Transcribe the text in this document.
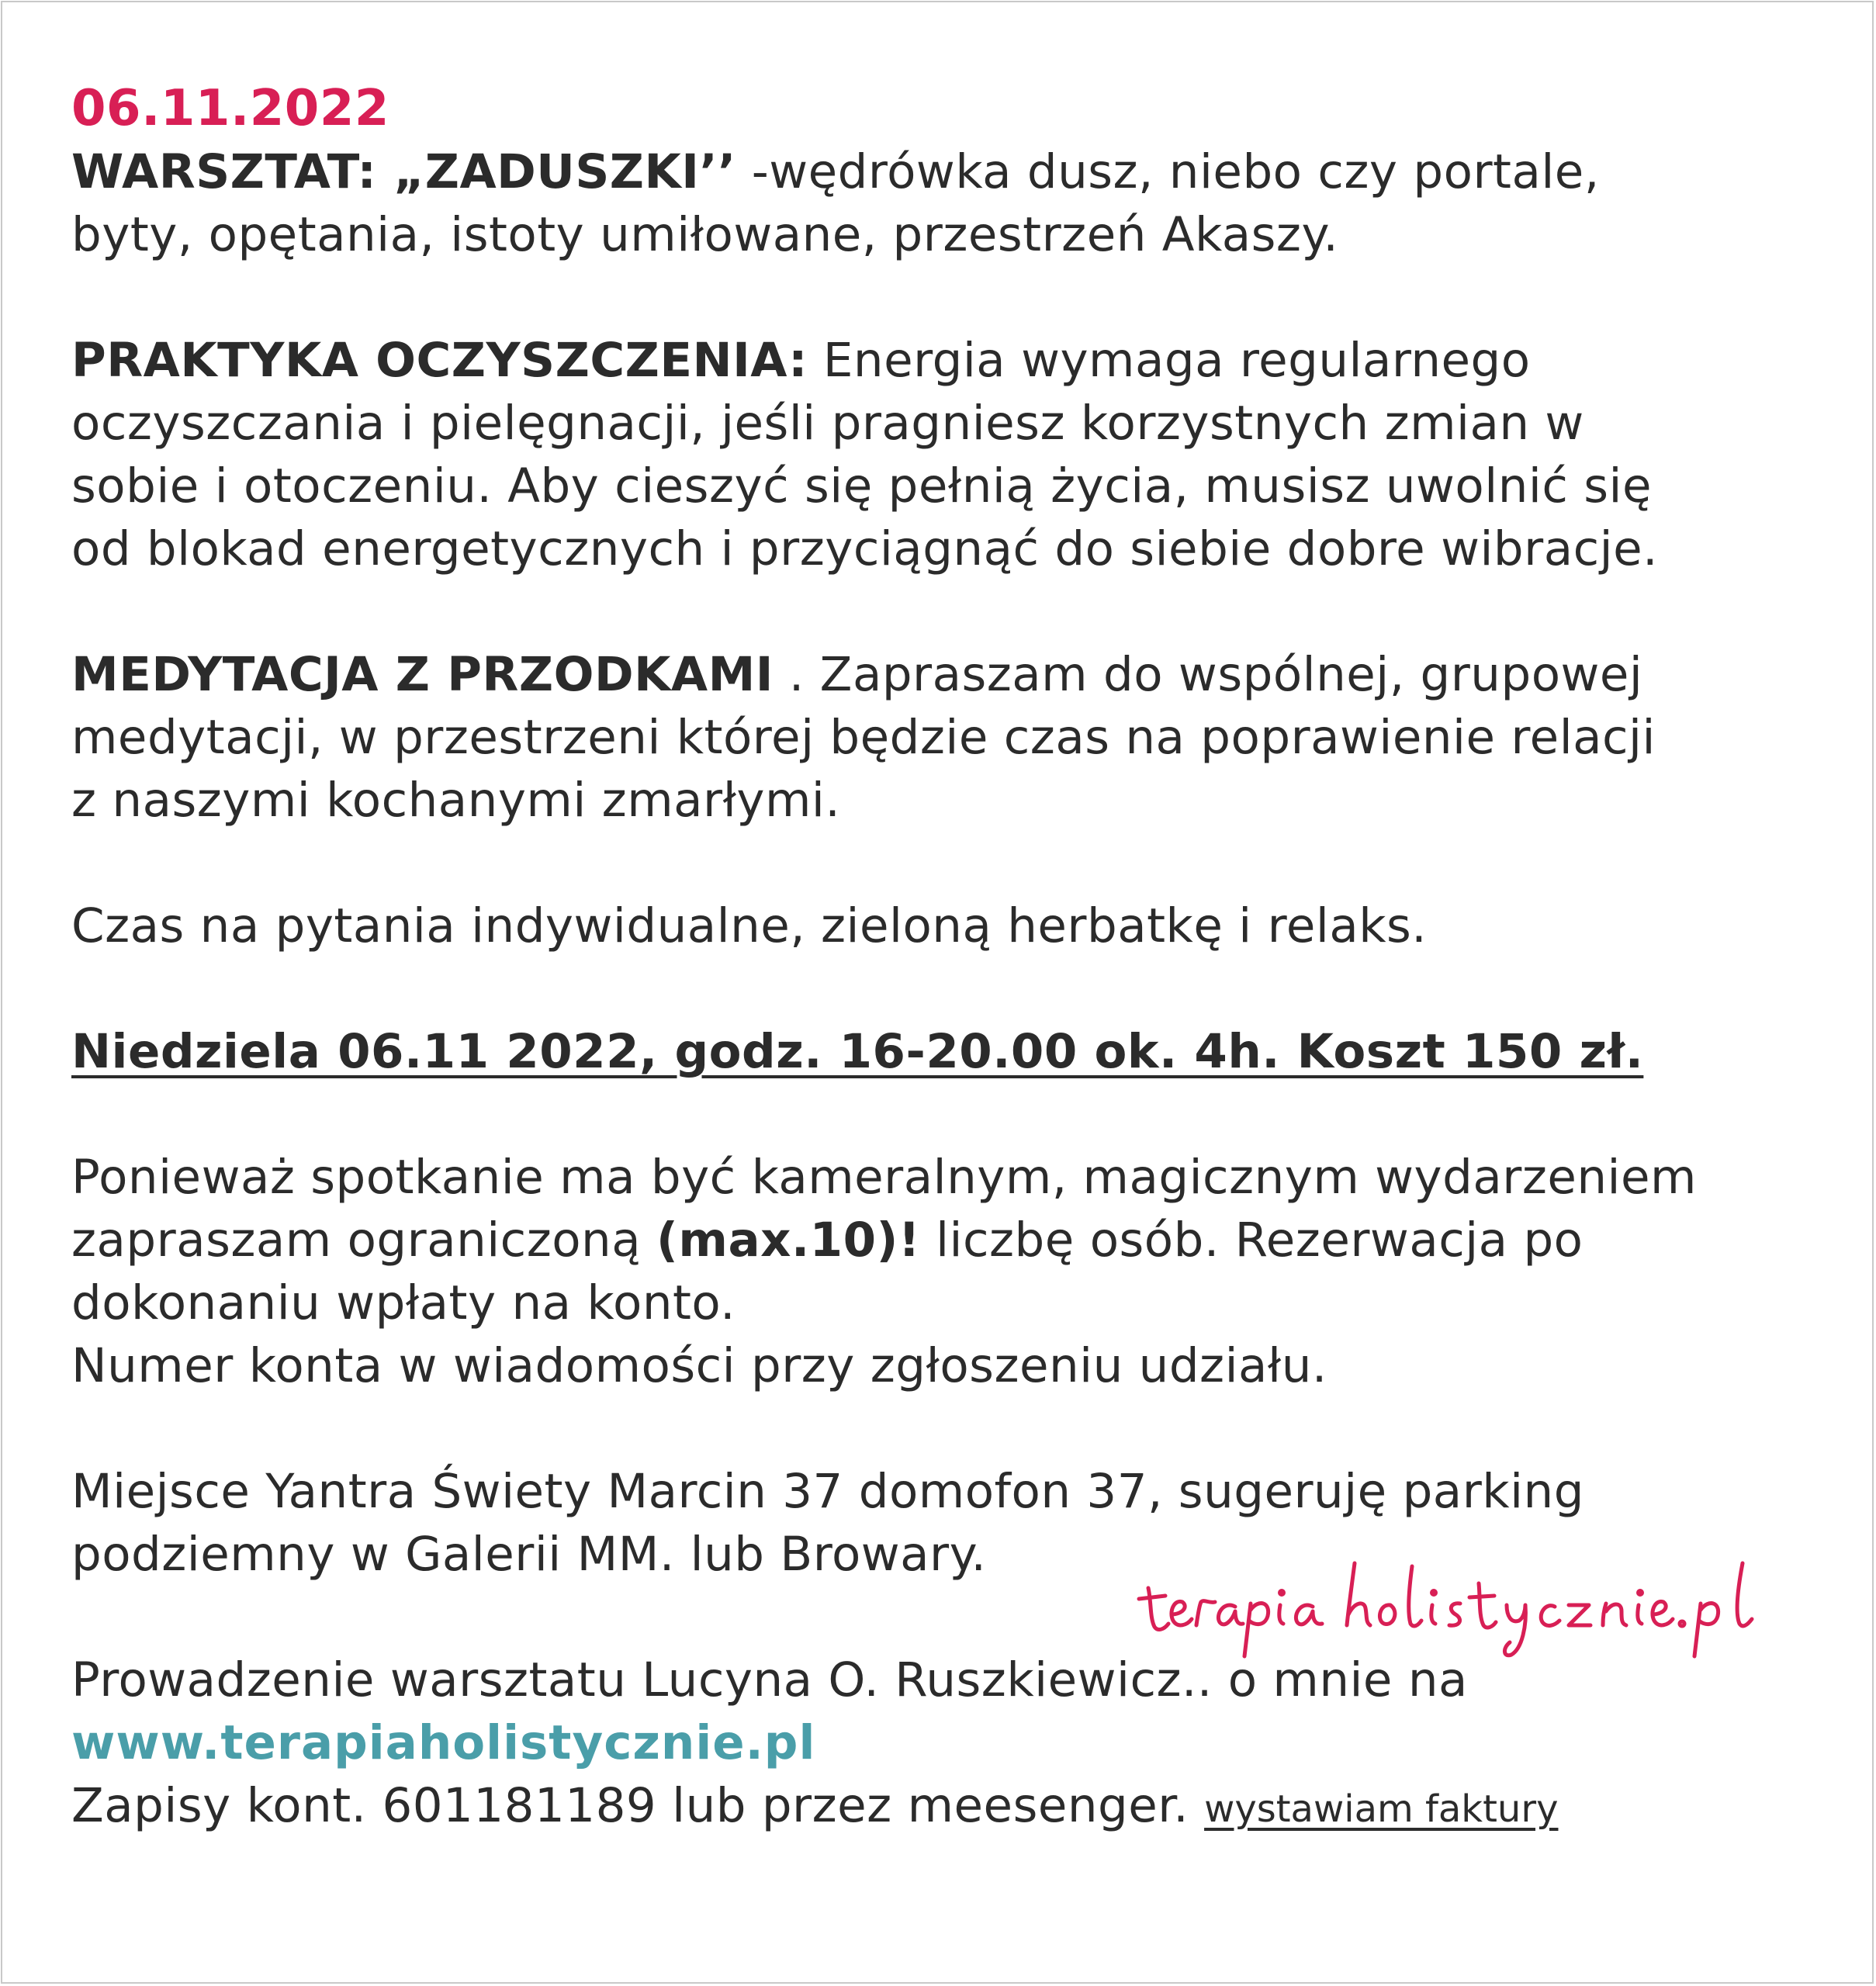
06.11.2022
WARSZTAT: „ZADUSZKI’’ -wędrówka dusz, niebo czy portale,
byty, opętania, istoty umiłowane, przestrzeń Akaszy.
PRAKTYKA OCZYSZCZENIA: Energia wymaga regularnego
oczyszczania i pielęgnacji, jeśli pragniesz korzystnych zmian w
sobie i otoczeniu. Aby cieszyć się pełnią życia, musisz uwolnić się
od blokad energetycznych i przyciągnąć do siebie dobre wibracje.
MEDYTACJA Z PRZODKAMI . Zapraszam do wspólnej, grupowej
medytacji, w przestrzeni której będzie czas na poprawienie relacji
z naszymi kochanymi zmarłymi.
Czas na pytania indywidualne, zieloną herbatkę i relaks.
Niedziela 06.11 2022, godz. 16-20.00 ok. 4h. Koszt 150 zł.
Ponieważ spotkanie ma być kameralnym, magicznym wydarzeniem
zapraszam ograniczoną (max.10)! liczbę osób. Rezerwacja po
dokonaniu wpłaty na konto.
Numer konta w wiadomości przy zgłoszeniu udziału.
Miejsce Yantra Świety Marcin 37 domofon 37, sugeruję parking
podziemny w Galerii MM. lub Browary.
Prowadzenie warsztatu Lucyna O. Ruszkiewicz.. o mnie na
www.terapiaholistycznie.pl
Zapisy kont. 601181189 lub przez meesenger. wystawiam faktury
